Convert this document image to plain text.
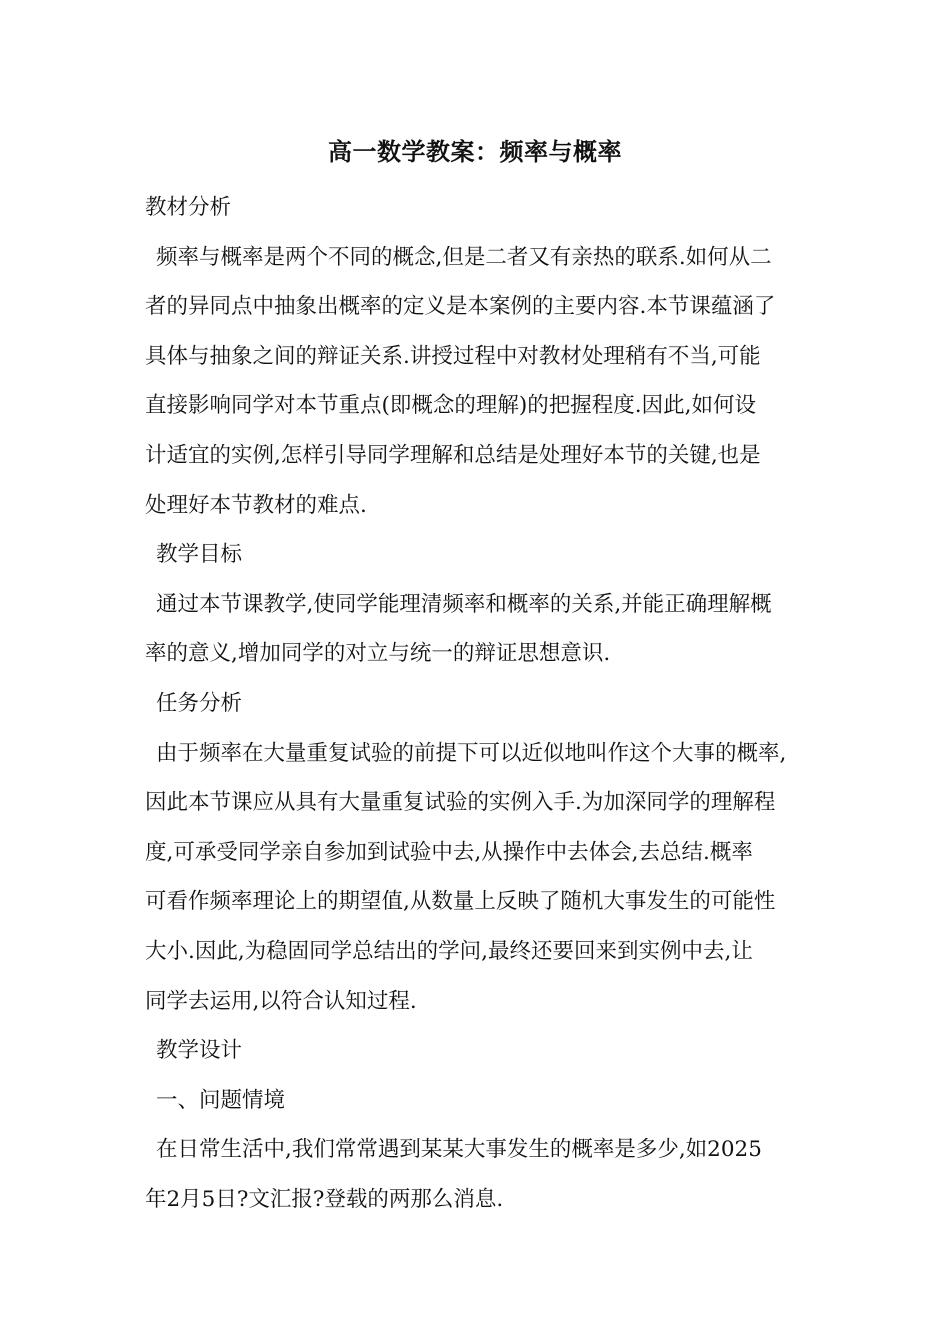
高一数学教案：频率与概率
教材分析
频率与概率是两个不同的概念,但是二者又有亲热的联系.如何从二
者的异同点中抽象出概率的定义是本案例的主要内容.本节课蕴涵了
具体与抽象之间的辩证关系.讲授过程中对教材处理稍有不当,可能
直接影响同学对本节重点(即概念的理解)的把握程度.因此,如何设
计适宜的实例,怎样引导同学理解和总结是处理好本节的关键,也是
处理好本节教材的难点.
教学目标
通过本节课教学,使同学能理清频率和概率的关系,并能正确理解概
率的意义,增加同学的对立与统一的辩证思想意识.
任务分析
由于频率在大量重复试验的前提下可以近似地叫作这个大事的概率,
因此本节课应从具有大量重复试验的实例入手.为加深同学的理解程
度,可承受同学亲自参加到试验中去,从操作中去体会,去总结.概率
可看作频率理论上的期望值,从数量上反映了随机大事发生的可能性
大小.因此,为稳固同学总结出的学问,最终还要回来到实例中去,让
同学去运用,以符合认知过程.
教学设计
一、问题情境
在日常生活中,我们常常遇到某某大事发生的概率是多少,如2025
年2月5日?文汇报?登载的两那么消息.
